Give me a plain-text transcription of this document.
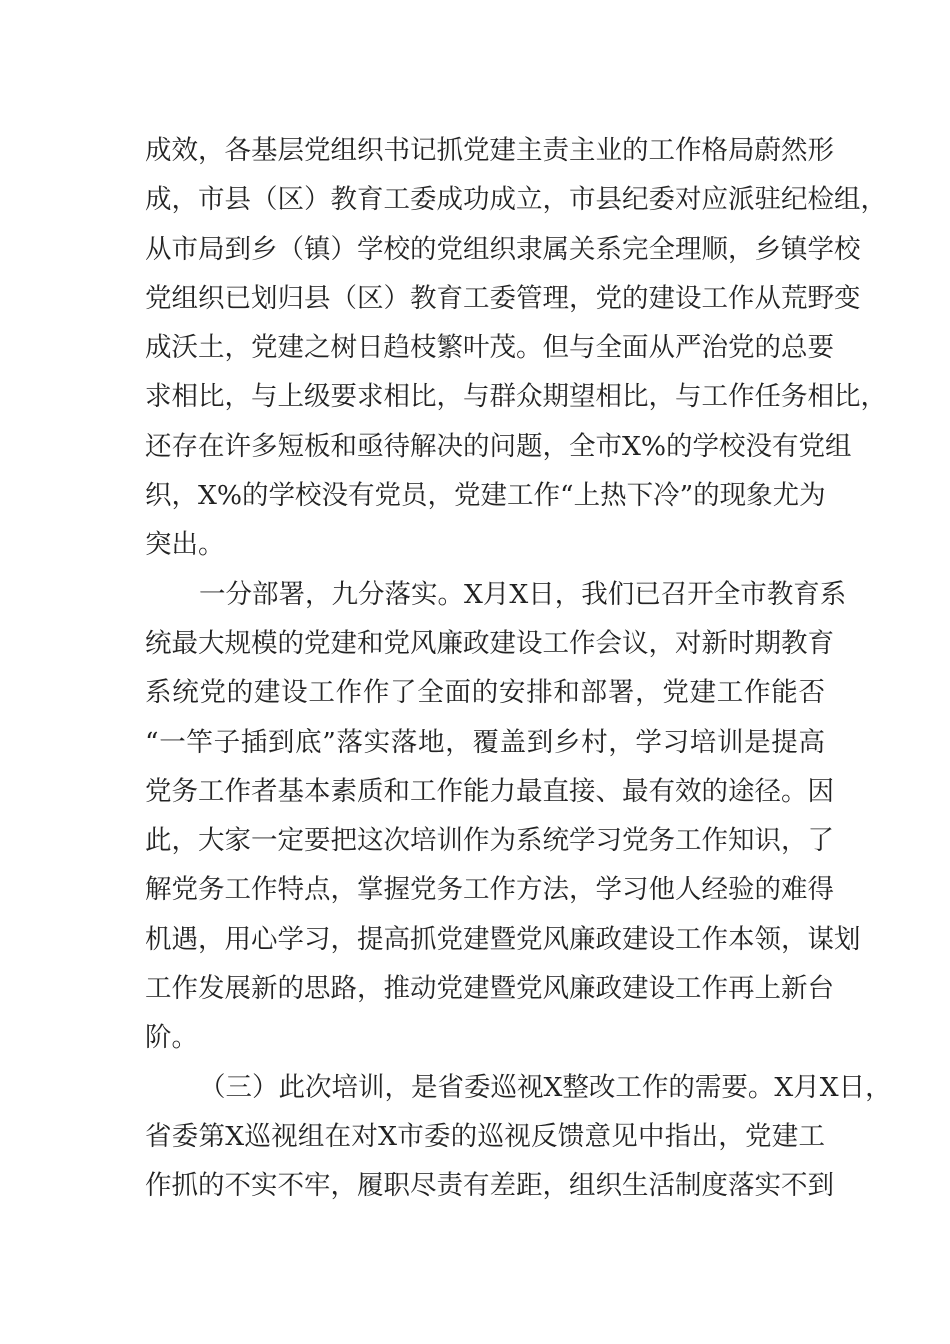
成效，各基层党组织书记抓党建主责主业的工作格局蔚然形
成，市县（区）教育工委成功成立，市县纪委对应派驻纪检组，
从市局到乡（镇）学校的党组织隶属关系完全理顺，乡镇学校
党组织已划归县（区）教育工委管理，党的建设工作从荒野变
成沃土，党建之树日趋枝繁叶茂。但与全面从严治党的总要
求相比，与上级要求相比，与群众期望相比，与工作任务相比，
还存在许多短板和亟待解决的问题，全市X%的学校没有党组
织，X%的学校没有党员，党建工作“上热下冷”的现象尤为
突出。
一分部署，九分落实。X月X日，我们已召开全市教育系
统最大规模的党建和党风廉政建设工作会议，对新时期教育
系统党的建设工作作了全面的安排和部署，党建工作能否
“一竿子插到底”落实落地，覆盖到乡村，学习培训是提高
党务工作者基本素质和工作能力最直接、最有效的途径。因
此，大家一定要把这次培训作为系统学习党务工作知识，了
解党务工作特点，掌握党务工作方法，学习他人经验的难得
机遇，用心学习，提高抓党建暨党风廉政建设工作本领，谋划
工作发展新的思路，推动党建暨党风廉政建设工作再上新台
阶。
（三）此次培训，是省委巡视X整改工作的需要。X月X日，
省委第X巡视组在对X市委的巡视反馈意见中指出，党建工
作抓的不实不牢，履职尽责有差距，组织生活制度落实不到
